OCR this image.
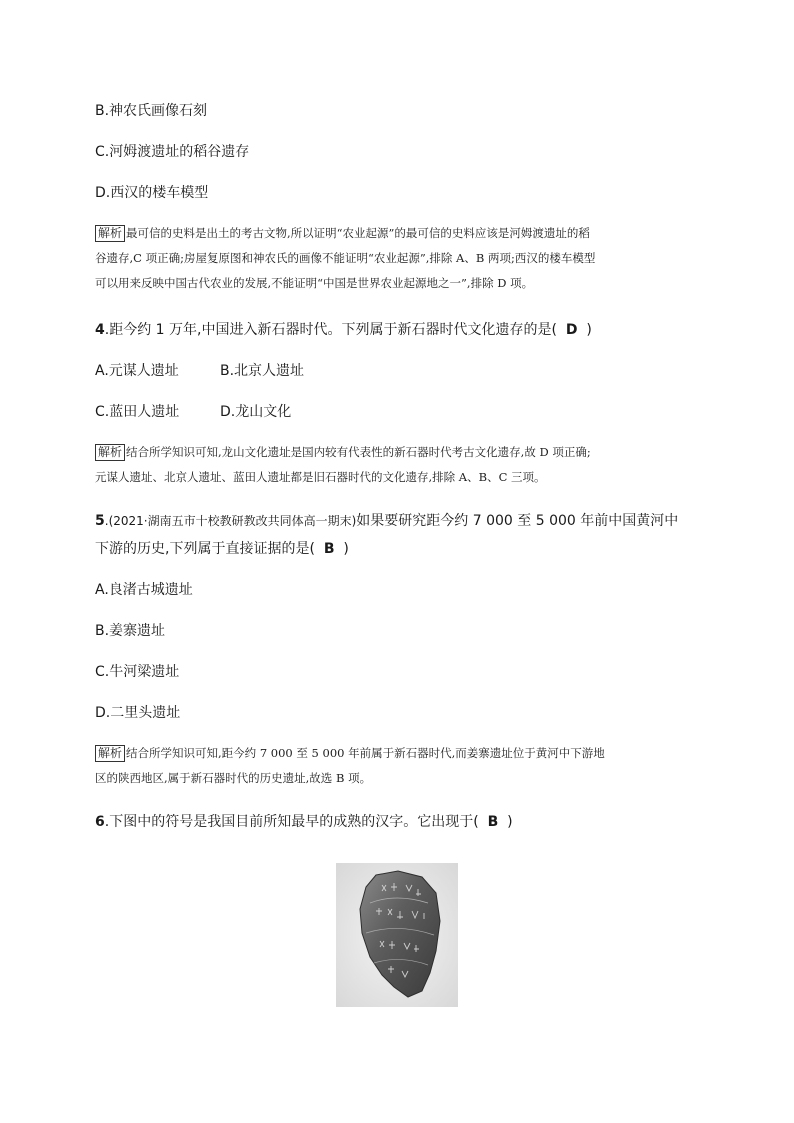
B.神农氏画像石刻
C.河姆渡遗址的稻谷遗存
D.西汉的楼车模型
解析 最可信的史料是出土的考古文物,所以证明“农业起源”的最可信的史料应该是河姆渡遗址的稻
谷遗存,C 项正确;房屋复原图和神农氏的画像不能证明“农业起源”,排除 A、B 两项;西汉的楼车模型
可以用来反映中国古代农业的发展,不能证明“中国是世界农业起源地之一”,排除 D 项。
4.距今约 1 万年,中国进入新石器时代。下列属于新石器时代文化遗存的是( D )
A.元谋人遗址	B.北京人遗址
C.蓝田人遗址	D.龙山文化
解析 结合所学知识可知,龙山文化遗址是国内较有代表性的新石器时代考古文化遗存,故 D 项正确;
元谋人遗址、北京人遗址、蓝田人遗址都是旧石器时代的文化遗存,排除 A、B、C 三项。
5.(2021·湖南五市十校教研教改共同体高一期末)如果要研究距今约 7 000 至 5 000 年前中国黄河中
下游的历史,下列属于直接证据的是( B )
A.良渚古城遗址
B.姜寨遗址
C.牛河梁遗址
D.二里头遗址
解析 结合所学知识可知,距今约 7 000 至 5 000 年前属于新石器时代,而姜寨遗址位于黄河中下游地
区的陕西地区,属于新石器时代的历史遗址,故选 B 项。
6.下图中的符号是我国目前所知最早的成熟的汉字。它出现于( B )
